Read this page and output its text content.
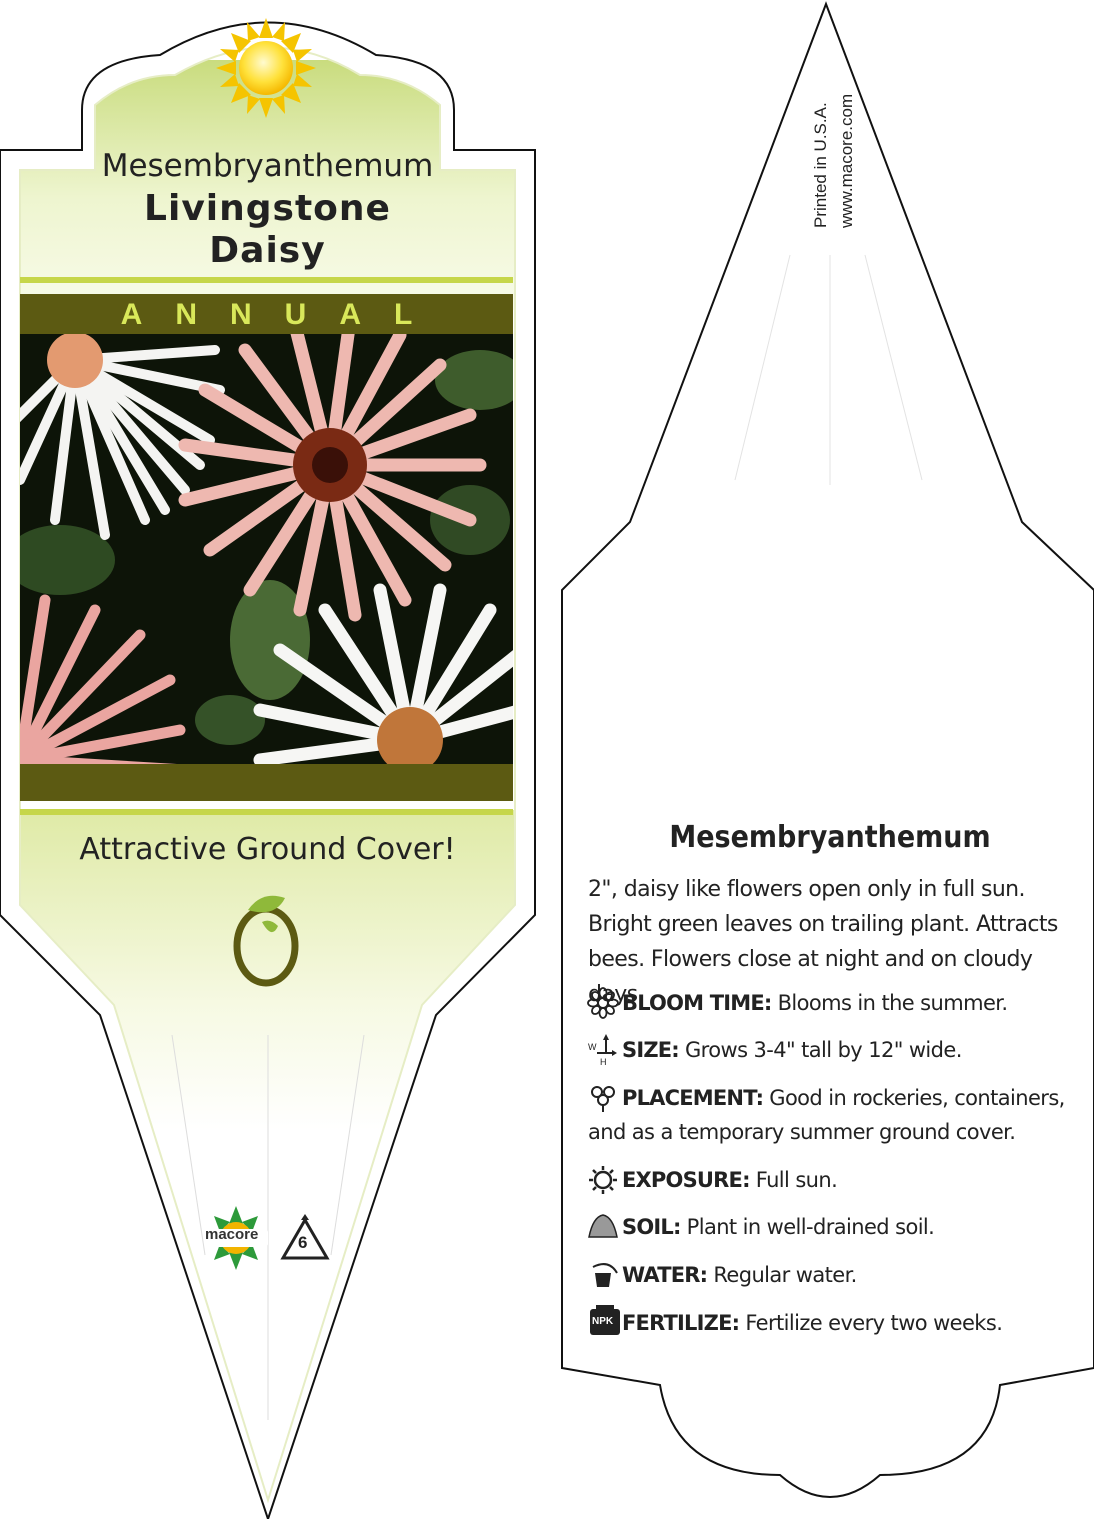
Mesembryanthemum

Livingstone

Daisy

ANNUAL

Attractive Ground Cover!

macore 6

Printed in U.S.A. www.macore.com

Mesembryanthemum

2", daisy like flowers open only in full sun. Bright green leaves on trailing plant. Attracts bees. Flowers close at night and on cloudy days.

BLOOM TIME: Blooms in the summer.

SIZE: Grows 3-4" tall by 12" wide.

PLACEMENT: Good in rockeries, containers, and as a temporary summer ground cover.

EXPOSURE: Full sun.

SOIL: Plant in well-drained soil.

WATER: Regular water.

FERTILIZE: Fertilize every two weeks.

W
H
NPK
